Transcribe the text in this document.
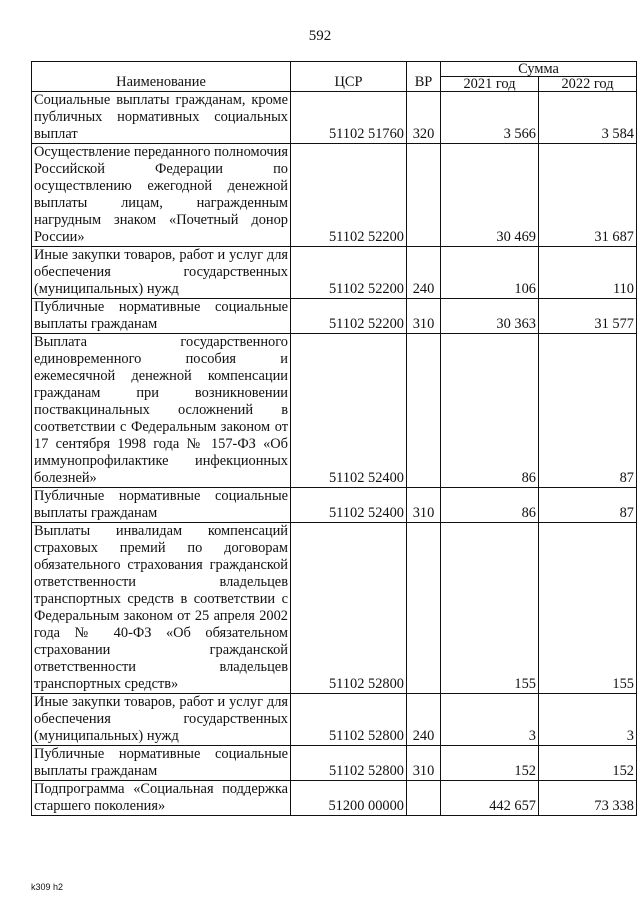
592
Наименование	ЦСР	ВР	Сумма	
			2021 год	2022 год
Социальные выплаты гражданам, кроме публичных нормативных социальных выплат	51102 51760	320	3 566	3 584
Осуществление переданного полномочия Российской Федерации по осуществлению ежегодной денежной выплаты лицам, награжденным нагрудным знаком «Почетный донор России»	51102 52200		30 469	31 687
Иные закупки товаров, работ и услуг для обеспечения государственных (муниципальных) нужд	51102 52200	240	106	110
Публичные нормативные социальные выплаты гражданам	51102 52200	310	30 363	31 577
Выплата государственного единовременного пособия и ежемесячной денежной компенсации гражданам при возникновении поствакцинальных осложнений в соответствии с Федеральным законом от 17 сентября 1998 года № 157-ФЗ «Об иммунопрофилактике инфекционных болезней»	51102 52400		86	87
Публичные нормативные социальные выплаты гражданам	51102 52400	310	86	87
Выплаты инвалидам компенсаций страховых премий по договорам обязательного страхования гражданской ответственности владельцев транспортных средств в соответствии с Федеральным законом от 25 апреля 2002 года № 40-ФЗ «Об обязательном страховании гражданской ответственности владельцев транспортных средств»	51102 52800		155	155
Иные закупки товаров, работ и услуг для обеспечения государственных (муниципальных) нужд	51102 52800	240	3	3
Публичные нормативные социальные выплаты гражданам	51102 52800	310	152	152
Подпрограмма «Социальная поддержка старшего поколения»	51200 00000		442 657	73 338
k309 h2
